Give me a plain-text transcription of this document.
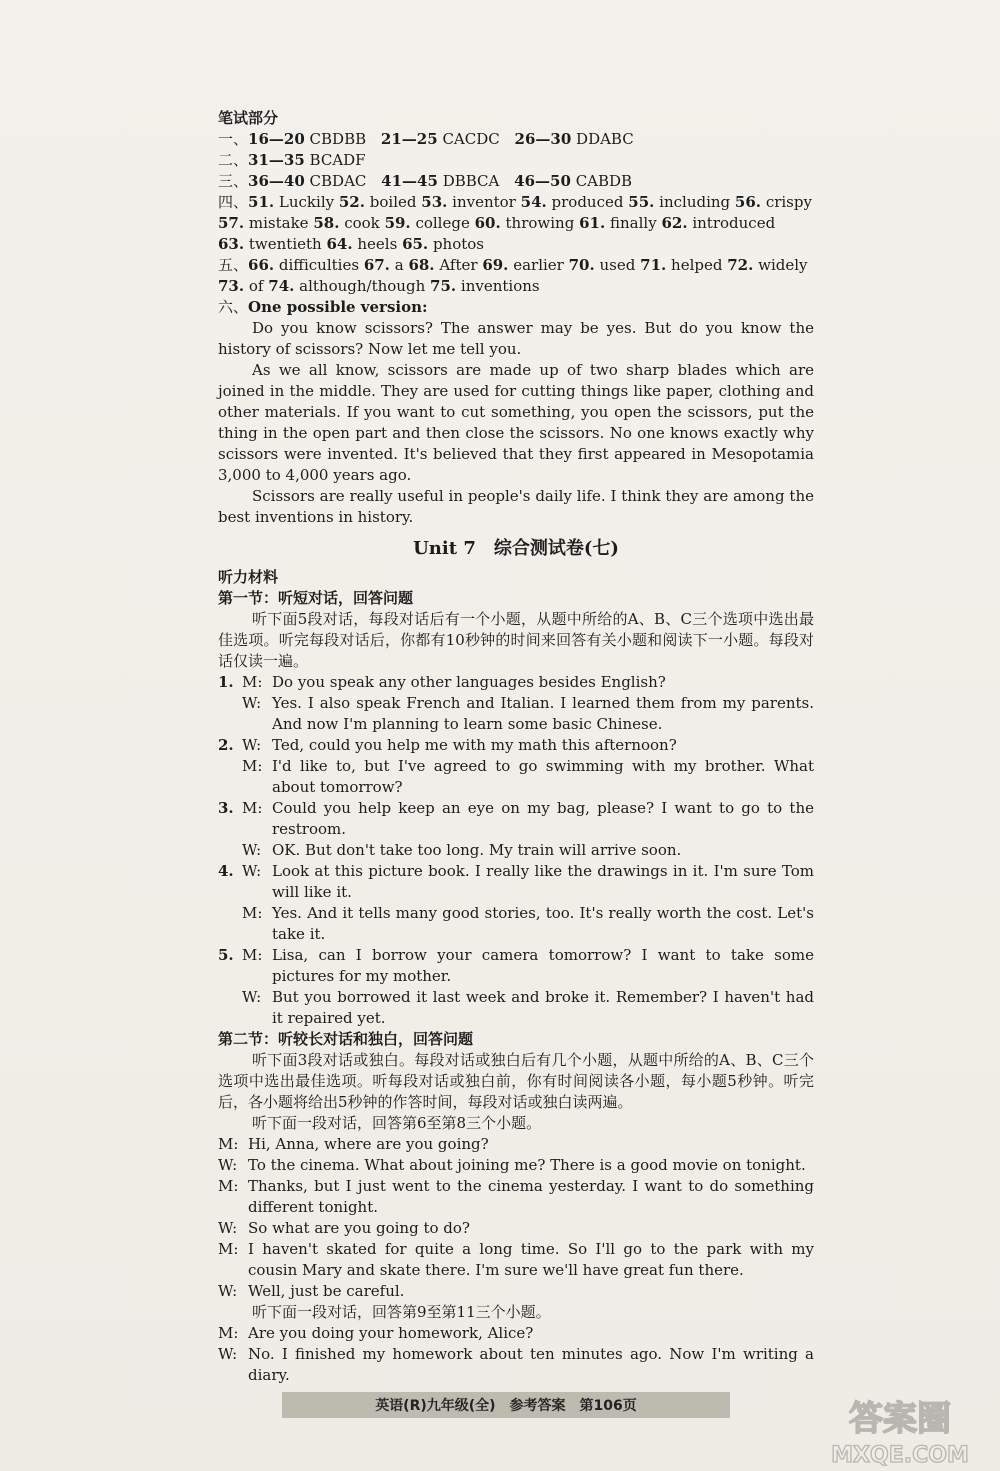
笔试部分
一、16—20 CBDBB 21—25 CACDC 26—30 DDABC
二、31—35 BCADF
三、36—40 CBDAC 41—45 DBBCA 46—50 CABDB
四、51. Luckily 52. boiled 53. inventor 54. produced 55. including 56. crispy
57. mistake 58. cook 59. college 60. throwing 61. finally 62. introduced
63. twentieth 64. heels 65. photos
五、66. difficulties 67. a 68. After 69. earlier 70. used 71. helped 72. widely
73. of 74. although/though 75. inventions
六、One possible version:
Do you know scissors? The answer may be yes. But do you know the history of scissors? Now let me tell you.
As we all know, scissors are made up of two sharp blades which are joined in the middle. They are used for cutting things like paper, clothing and other materials. If you want to cut something, you open the scissors, put the thing in the open part and then close the scissors. No one knows exactly why scissors were invented. It's believed that they first appeared in Mesopotamia 3,000 to 4,000 years ago.
Scissors are really useful in people's daily life. I think they are among the best inventions in history.
Unit 7　综合测试卷(七)
听力材料
第一节：听短对话，回答问题
听下面5段对话，每段对话后有一个小题，从题中所给的A、B、C三个选项中选出最佳选项。听完每段对话后，你都有10秒钟的时间来回答有关小题和阅读下一小题。每段对话仅读一遍。
1. M: Do you speak any other languages besides English?
W: Yes. I also speak French and Italian. I learned them from my parents. And now I'm planning to learn some basic Chinese.
2. W: Ted, could you help me with my math this afternoon?
M: I'd like to, but I've agreed to go swimming with my brother. What about tomorrow?
3. M: Could you help keep an eye on my bag, please? I want to go to the restroom.
W: OK. But don't take too long. My train will arrive soon.
4. W: Look at this picture book. I really like the drawings in it. I'm sure Tom will like it.
M: Yes. And it tells many good stories, too. It's really worth the cost. Let's take it.
5. M: Lisa, can I borrow your camera tomorrow? I want to take some pictures for my mother.
W: But you borrowed it last week and broke it. Remember? I haven't had it repaired yet.
第二节：听较长对话和独白，回答问题
听下面3段对话或独白。每段对话或独白后有几个小题，从题中所给的A、B、C三个选项中选出最佳选项。听每段对话或独白前，你有时间阅读各小题，每小题5秒钟。听完后，各小题将给出5秒钟的作答时间，每段对话或独白读两遍。
听下面一段对话，回答第6至第8三个小题。
M: Hi, Anna, where are you going?
W: To the cinema. What about joining me? There is a good movie on tonight.
M: Thanks, but I just went to the cinema yesterday. I want to do something different tonight.
W: So what are you going to do?
M: I haven't skated for quite a long time. So I'll go to the park with my cousin Mary and skate there. I'm sure we'll have great fun there.
W: Well, just be careful.
听下面一段对话，回答第9至第11三个小题。
M: Are you doing your homework, Alice?
W: No. I finished my homework about ten minutes ago. Now I'm writing a diary.
英语(R)九年级(全)　参考答案　第106页	答案圈
MXQE.COM
